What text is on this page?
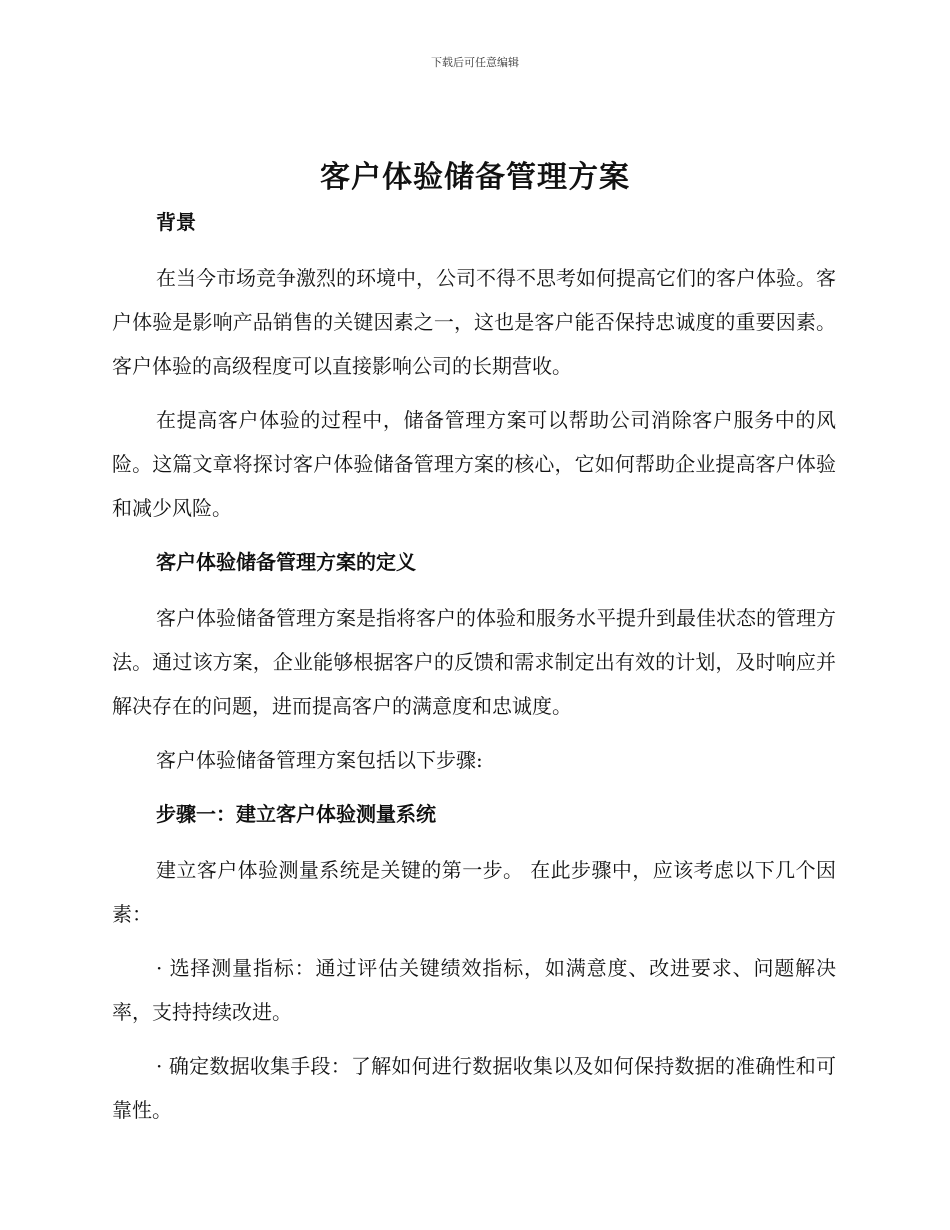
下载后可任意编辑
客户体验储备管理方案
背景

在当今市场竞争激烈的环境中，公司不得不思考如何提高它们的客户体验。客户体验是影响产品销售的关键因素之一，这也是客户能否保持忠诚度的重要因素。客户体验的高级程度可以直接影响公司的长期营收。

在提高客户体验的过程中，储备管理方案可以帮助公司消除客户服务中的风险。这篇文章将探讨客户体验储备管理方案的核心，它如何帮助企业提高客户体验和减少风险。

客户体验储备管理方案的定义

客户体验储备管理方案是指将客户的体验和服务水平提升到最佳状态的管理方法。通过该方案，企业能够根据客户的反馈和需求制定出有效的计划，及时响应并解决存在的问题，进而提高客户的满意度和忠诚度。

客户体验储备管理方案包括以下步骤:

步骤一：建立客户体验测量系统

建立客户体验测量系统是关键的第一步。 在此步骤中，应该考虑以下几个因素：

· 选择测量指标：通过评估关键绩效指标，如满意度、改进要求、问题解决率，支持持续改进。

· 确定数据收集手段：了解如何进行数据收集以及如何保持数据的准确性和可靠性。
